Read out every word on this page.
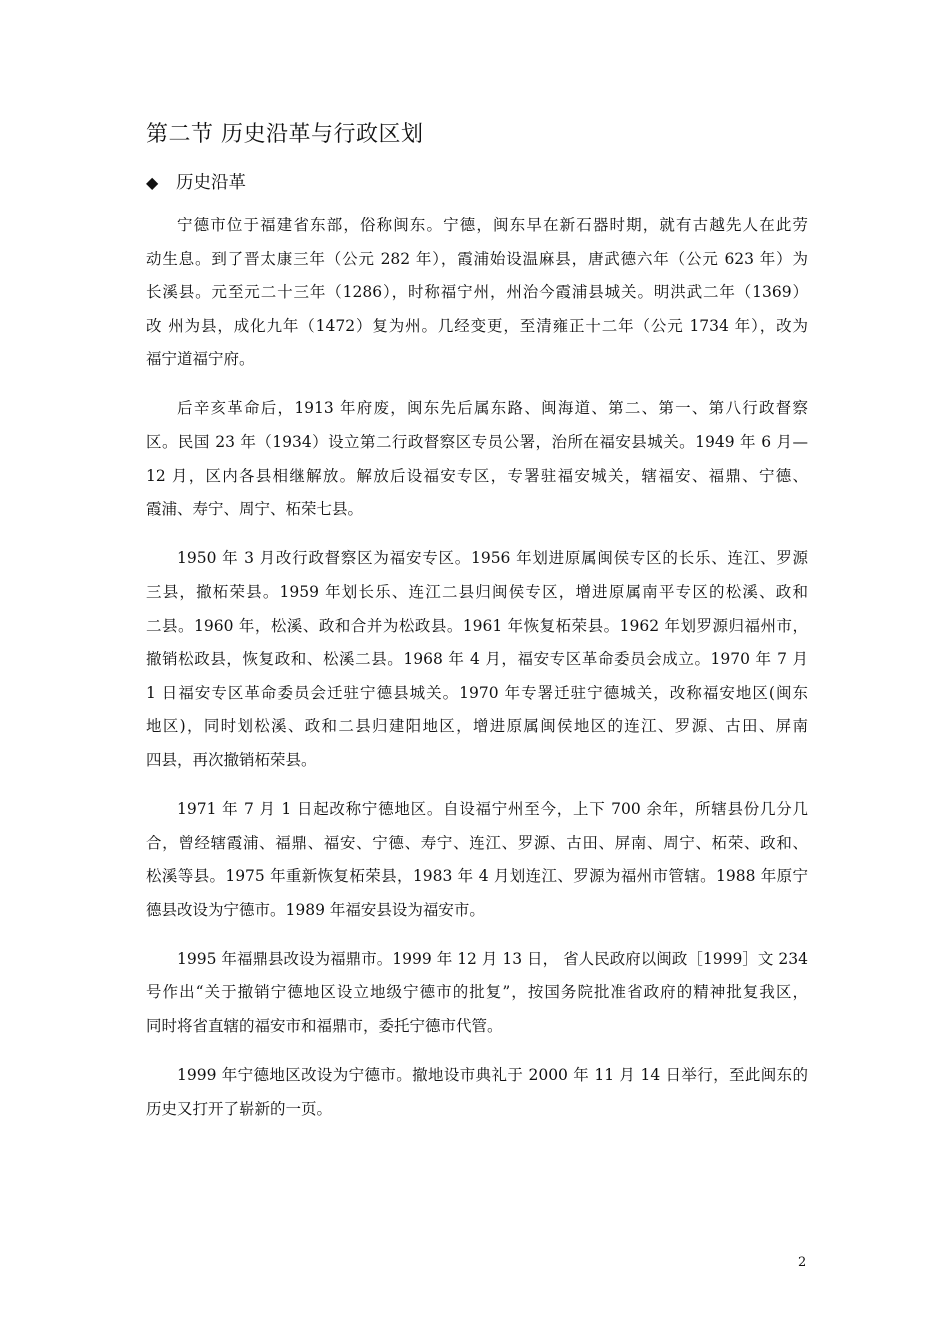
第二节 历史沿革与行政区划
◆ 历史沿革
宁德市位于福建省东部，俗称闽东。宁德，闽东早在新石器时期，就有古越先人在此劳
动生息。到了晋太康三年（公元 282 年），霞浦始设温麻县，唐武德六年（公元 623 年）为
长溪县。元至元二十三年（1286），时称福宁州，州治今霞浦县城关。明洪武二年（1369）
改 州为县，成化九年（1472）复为州。几经变更，至清雍正十二年（公元 1734 年），改为
福宁道福宁府。
后辛亥革命后，1913 年府废，闽东先后属东路、闽海道、第二、第一、第八行政督察
区。民国 23 年（1934）设立第二行政督察区专员公署，治所在福安县城关。1949 年 6 月—
12 月，区内各县相继解放。解放后设福安专区，专署驻福安城关，辖福安、福鼎、宁德、
霞浦、寿宁、周宁、柘荣七县。
1950 年 3 月改行政督察区为福安专区。1956 年划进原属闽侯专区的长乐、连江、罗源
三县，撤柘荣县。1959 年划长乐、连江二县归闽侯专区，增进原属南平专区的松溪、政和
二县。1960 年，松溪、政和合并为松政县。1961 年恢复柘荣县。1962 年划罗源归福州市，
撤销松政县，恢复政和、松溪二县。1968 年 4 月，福安专区革命委员会成立。1970 年 7 月
1 日福安专区革命委员会迁驻宁德县城关。1970 年专署迁驻宁德城关，改称福安地区(闽东
地区)，同时划松溪、政和二县归建阳地区，增进原属闽侯地区的连江、罗源、古田、屏南
四县，再次撤销柘荣县。
1971 年 7 月 1 日起改称宁德地区。自设福宁州至今，上下 700 余年，所辖县份几分几
合，曾经辖霞浦、福鼎、福安、宁德、寿宁、连江、罗源、古田、屏南、周宁、柘荣、政和、
松溪等县。1975 年重新恢复柘荣县，1983 年 4 月划连江、罗源为福州市管辖。1988 年原宁
德县改设为宁德市。1989 年福安县设为福安市。
1995 年福鼎县改设为福鼎市。1999 年 12 月 13 日， 省人民政府以闽政［1999］文 234
号作出“关于撤销宁德地区设立地级宁德市的批复”，按国务院批准省政府的精神批复我区，
同时将省直辖的福安市和福鼎市，委托宁德市代管。
1999 年宁德地区改设为宁德市。撤地设市典礼于 2000 年 11 月 14 日举行，至此闽东的
历史又打开了崭新的一页。
2
